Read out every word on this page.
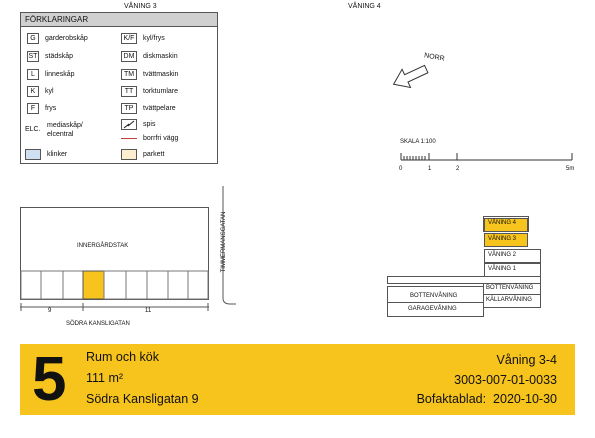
VÅNING 3	VÅNING 4
FÖRKLARINGAR
G	garderobskåp
ST städskåp
L	linneskåp
K	kyl
F	frys
ELC.
mediaskåp/ elcentral
klinker
K/F	kyl/frys
DM	diskmaskin
TM	tvättmaskin
TT	torktumlare
TP	tvättpelare
spis
borrfri vägg
parkett
NORR
SKALA 1:100
0	1	2	5m
INNERGÅRDSTAK
9	11
SÖDRA KANSLIGATAN
TIMMERMANSGATAN	VÅNING 4
VÅNING 3
VÅNING 2
VÅNING 1
BOTTENVÅNING
BOTTENVÅNING
KÄLLARVÅNING
GARAGEVÅNING
5 Rum och kök
111 m²
Södra Kansligatan 9
Våning 3-4
3003-007-01-0033
Bofaktablad: 2020-10-30
